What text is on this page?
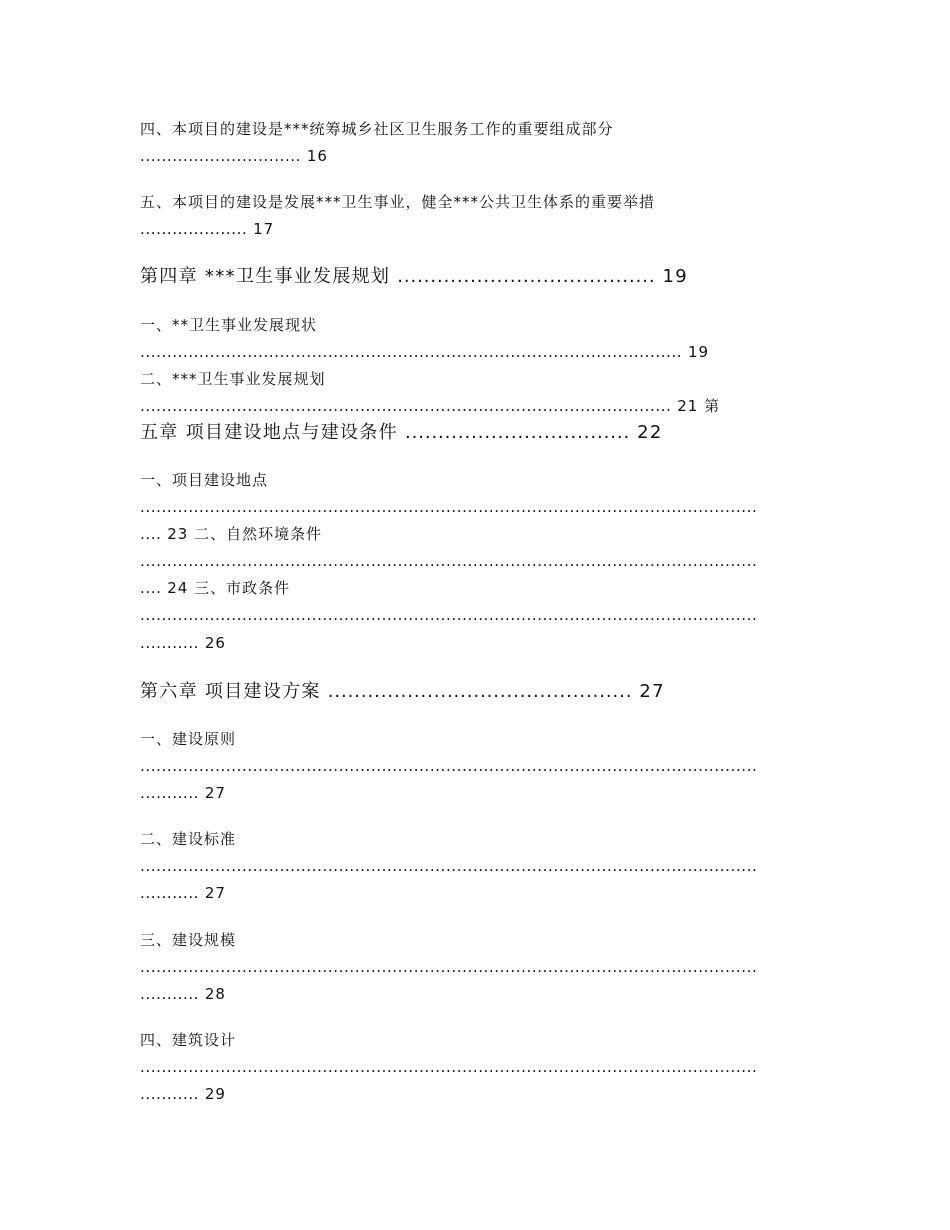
四、本项目的建设是***统筹城乡社区卫生服务工作的重要组成部分
.............................. 16
五、本项目的建设是发展***卫生事业，健全***公共卫生体系的重要举措
.................... 17
第四章 ***卫生事业发展规划 ....................................... 19
一、**卫生事业发展现状
..................................................................................................... 19
二、***卫生事业发展规划
................................................................................................... 21 第
五章 项目建设地点与建设条件 .................................. 22
一、项目建设地点
...................................................................................................................
.... 23 二、自然环境条件
...................................................................................................................
.... 24 三、市政条件
...................................................................................................................
........... 26
第六章 项目建设方案 .............................................. 27
一、建设原则
...................................................................................................................
........... 27
二、建设标准
...................................................................................................................
........... 27
三、建设规模
...................................................................................................................
........... 28
四、建筑设计
...................................................................................................................
........... 29
